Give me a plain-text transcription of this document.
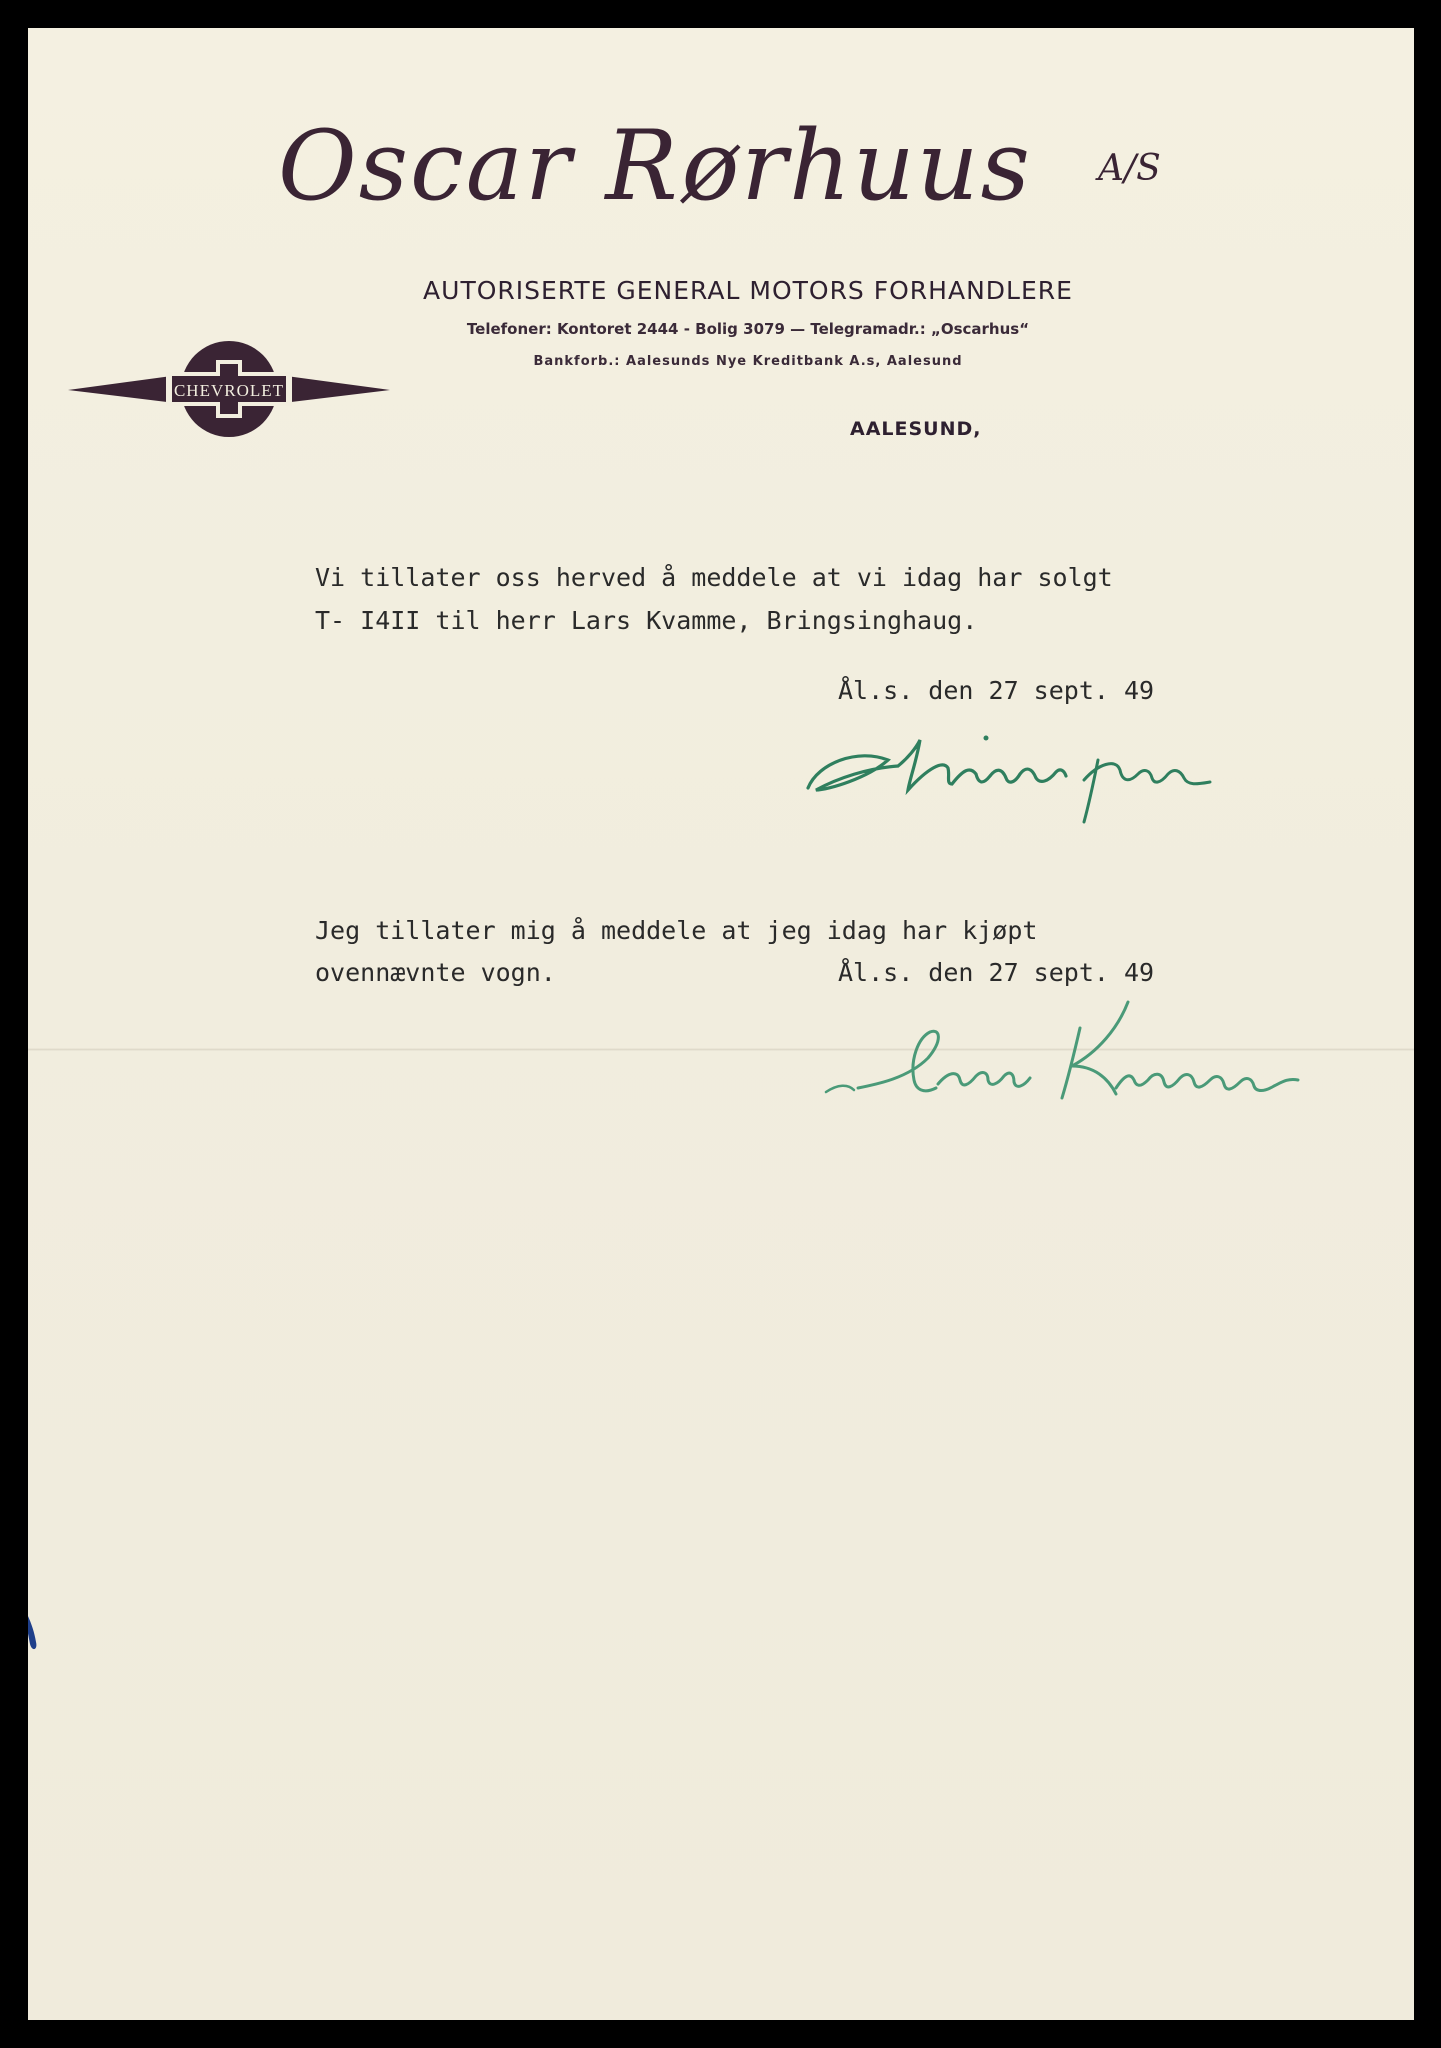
Oscar Rørhuus A/S
AUTORISERTE GENERAL MOTORS FORHANDLERE
Telefoner: Kontoret 2444 - Bolig 3079 — Telegramadr.: „Oscarhus“
Bankforb.: Aalesunds Nye Kreditbank A.s, Aalesund
CHEVROLET
AALESUND,
Vi tillater oss herved å meddele at vi idag har solgt
T- I4II til herr Lars Kvamme, Bringsinghaug.
Ål.s. den 27 sept. 49
Jeg tillater mig å meddele at jeg idag har kjøpt
ovennævnte vogn.	Ål.s. den 27 sept. 49
